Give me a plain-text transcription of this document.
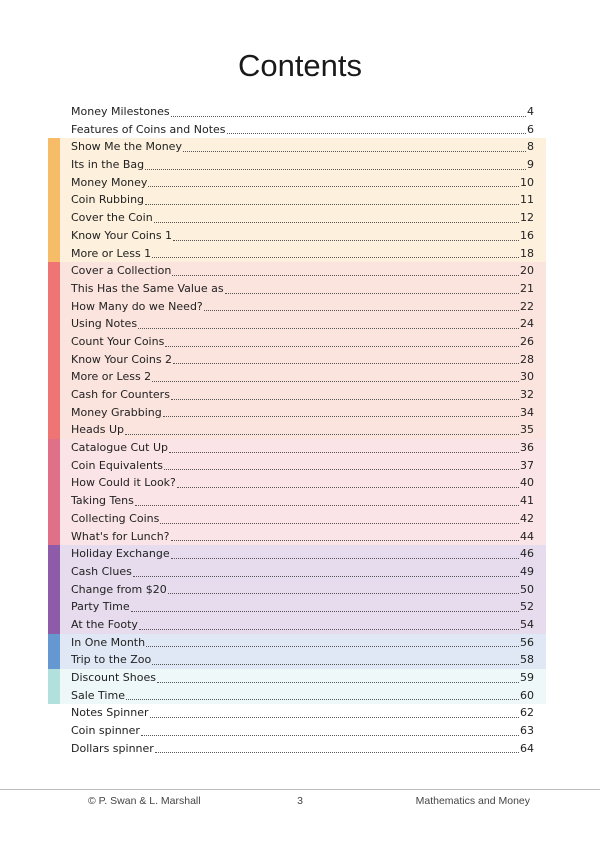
Contents
Money Milestones	4
Features of Coins and Notes	6
Show Me the Money	8
Its in the Bag	9
Money Money	10
Coin Rubbing	11
Cover the Coin	12
Know Your Coins 1	16
More or Less 1	18
Cover a Collection	20
This Has the Same Value as	21
How Many do we Need?	22
Using Notes	24
Count Your Coins	26
Know Your Coins 2	28
More or Less 2	30
Cash for Counters	32
Money Grabbing	34
Heads Up	35
Catalogue Cut Up	36
Coin Equivalents	37
How Could it Look?	40
Taking Tens	41
Collecting Coins	42
What's for Lunch?	44
Holiday Exchange	46
Cash Clues	49
Change from $20	50
Party Time	52
At the Footy	54
In One Month	56
Trip to the Zoo	58
Discount Shoes	59
Sale Time	60
Notes Spinner	62
Coin spinner	63
Dollars spinner	64
© P. Swan & L. Marshall	3	Mathematics and Money
